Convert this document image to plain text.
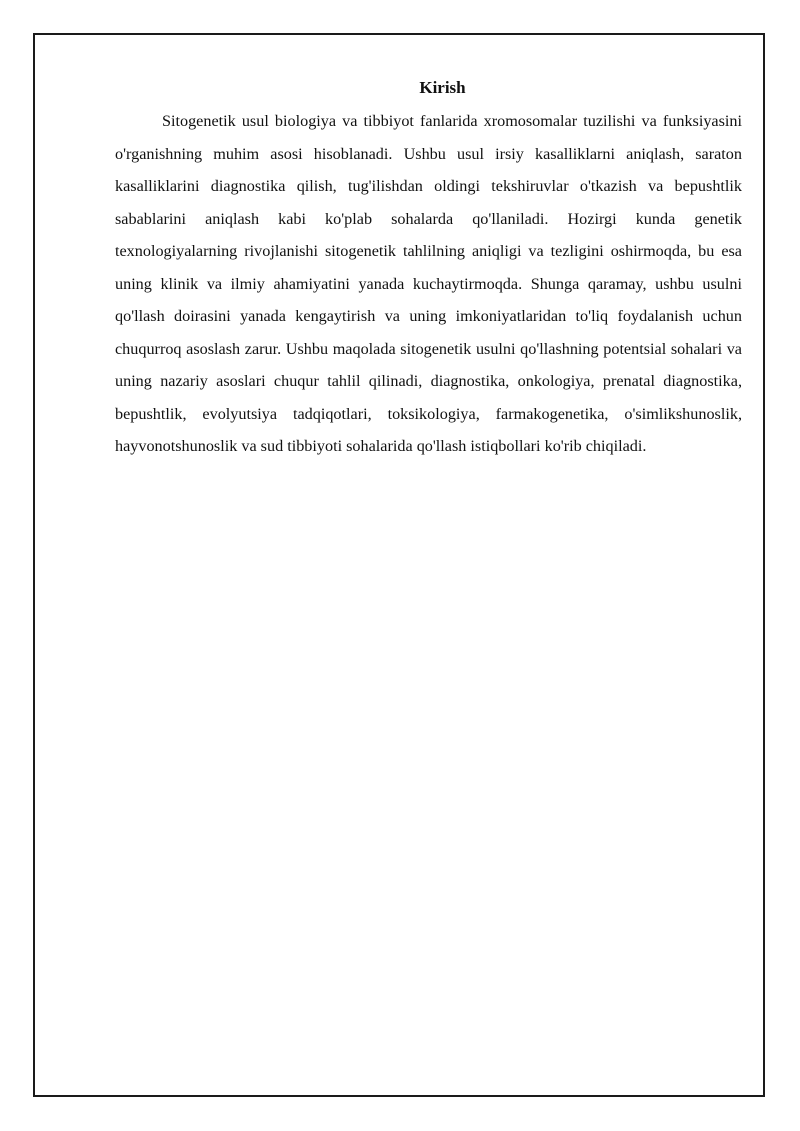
Kirish

Sitogenetik usul biologiya va tibbiyot fanlarida xromosomalar tuzilishi va funksiyasini o'rganishning muhim asosi hisoblanadi. Ushbu usul irsiy kasalliklarni aniqlash, saraton kasalliklarini diagnostika qilish, tug'ilishdan oldingi tekshiruvlar o'tkazish va bepushtlik sabablarini aniqlash kabi ko'plab sohalarda qo'llaniladi. Hozirgi kunda genetik texnologiyalarning rivojlanishi sitogenetik tahlilning aniqligi va tezligini oshirmoqda, bu esa uning klinik va ilmiy ahamiyatini yanada kuchaytirmoqda. Shunga qaramay, ushbu usulni qo'llash doirasini yanada kengaytirish va uning imkoniyatlaridan to'liq foydalanish uchun chuqurroq asoslash zarur. Ushbu maqolada sitogenetik usulni qo'llashning potentsial sohalari va uning nazariy asoslari chuqur tahlil qilinadi, diagnostika, onkologiya, prenatal diagnostika, bepushtlik, evolyutsiya tadqiqotlari, toksikologiya, farmakogenetika, o'simlikshunoslik, hayvonotshunoslik va sud tibbiyoti sohalarida qo'llash istiqbollari ko'rib chiqiladi.
